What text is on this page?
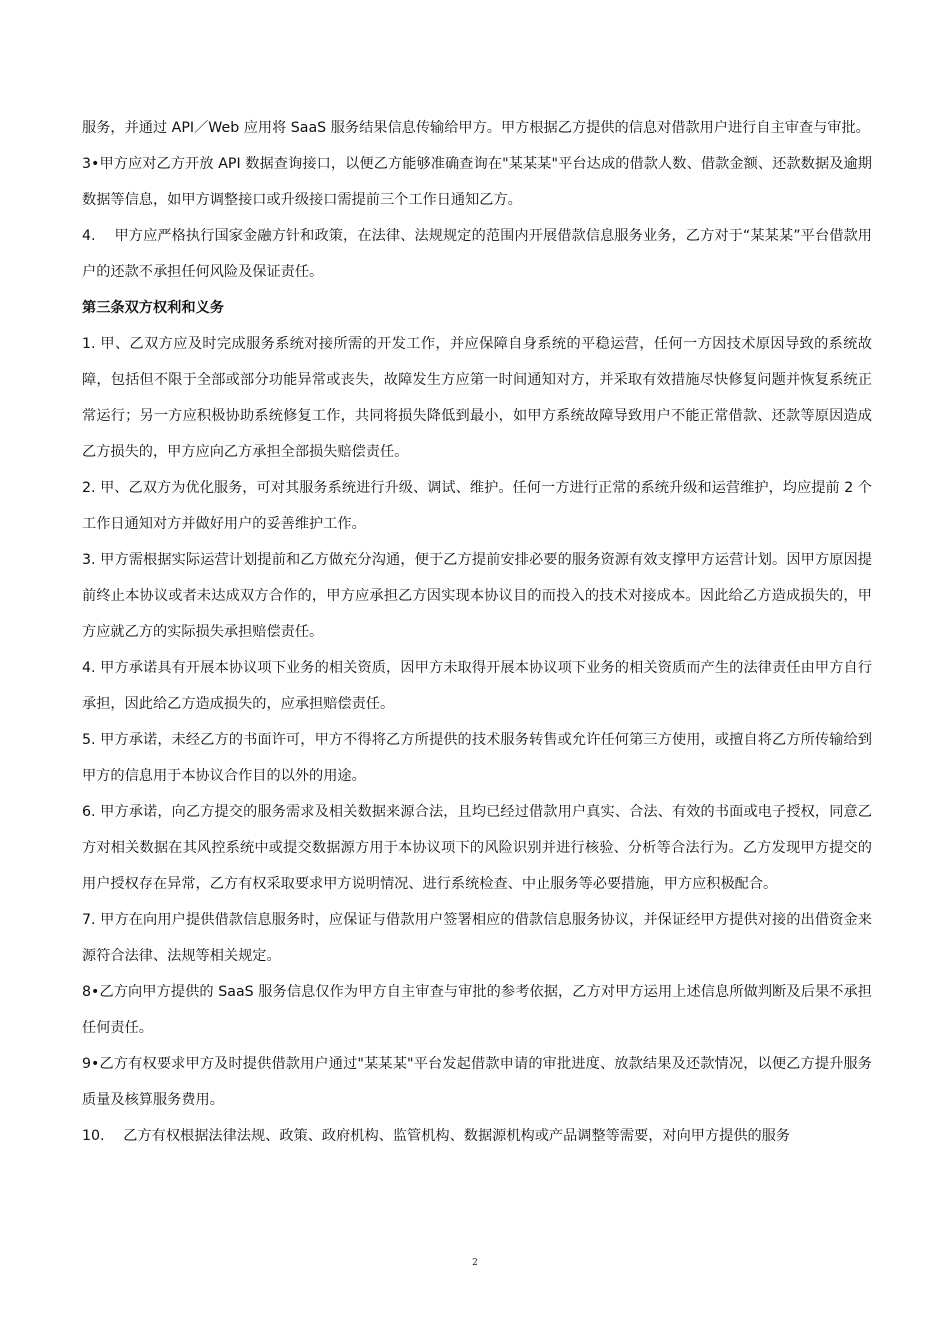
服务，并通过 API／Web 应用将 SaaS 服务结果信息传输给甲方。甲方根据乙方提供的信息对借款用户进行自主审查与审批。

3•甲方应对乙方开放 API 数据查询接口，以便乙方能够准确查询在"某某某"平台达成的借款人数、借款金额、还款数据及逾期数据等信息，如甲方调整接口或升级接口需提前三个工作日通知乙方。

4.　 甲方应严格执行国家金融方针和政策，在法律、法规规定的范围内开展借款信息服务业务，乙方对于“某某某”平台借款用户的还款不承担任何风险及保证责任。

第三条双方权利和义务

1. 甲、乙双方应及时完成服务系统对接所需的开发工作，并应保障自身系统的平稳运营，任何一方因技术原因导致的系统故障，包括但不限于全部或部分功能异常或丧失，故障发生方应第一时间通知对方，并采取有效措施尽快修复问题并恢复系统正常运行；另一方应积极协助系统修复工作，共同将损失降低到最小，如甲方系统故障导致用户不能正常借款、还款等原因造成乙方损失的，甲方应向乙方承担全部损失赔偿责任。

2. 甲、乙双方为优化服务，可对其服务系统进行升级、调试、维护。任何一方进行正常的系统升级和运营维护，均应提前 2 个工作日通知对方并做好用户的妥善维护工作。

3. 甲方需根据实际运营计划提前和乙方做充分沟通，便于乙方提前安排必要的服务资源有效支撑甲方运营计划。因甲方原因提前终止本协议或者未达成双方合作的，甲方应承担乙方因实现本协议目的而投入的技术对接成本。因此给乙方造成损失的，甲方应就乙方的实际损失承担赔偿责任。

4. 甲方承诺具有开展本协议项下业务的相关资质，因甲方未取得开展本协议项下业务的相关资质而产生的法律责任由甲方自行承担，因此给乙方造成损失的，应承担赔偿责任。

5. 甲方承诺，未经乙方的书面许可，甲方不得将乙方所提供的技术服务转售或允许任何第三方使用，或擅自将乙方所传输给到甲方的信息用于本协议合作目的以外的用途。

6. 甲方承诺，向乙方提交的服务需求及相关数据来源合法，且均已经过借款用户真实、合法、有效的书面或电子授权，同意乙方对相关数据在其风控系统中或提交数据源方用于本协议项下的风险识别并进行核验、分析等合法行为。乙方发现甲方提交的用户授权存在异常，乙方有权采取要求甲方说明情况、进行系统检查、中止服务等必要措施，甲方应积极配合。

7. 甲方在向用户提供借款信息服务时，应保证与借款用户签署相应的借款信息服务协议，并保证经甲方提供对接的出借资金来源符合法律、法规等相关规定。

8•乙方向甲方提供的 SaaS 服务信息仅作为甲方自主审查与审批的参考依据，乙方对甲方运用上述信息所做判断及后果不承担任何责任。

9•乙方有权要求甲方及时提供借款用户通过"某某某"平台发起借款申请的审批进度、放款结果及还款情况，以便乙方提升服务质量及核算服务费用。

10.　 乙方有权根据法律法规、政策、政府机构、监管机构、数据源机构或产品调整等需要，对向甲方提供的服务

2
